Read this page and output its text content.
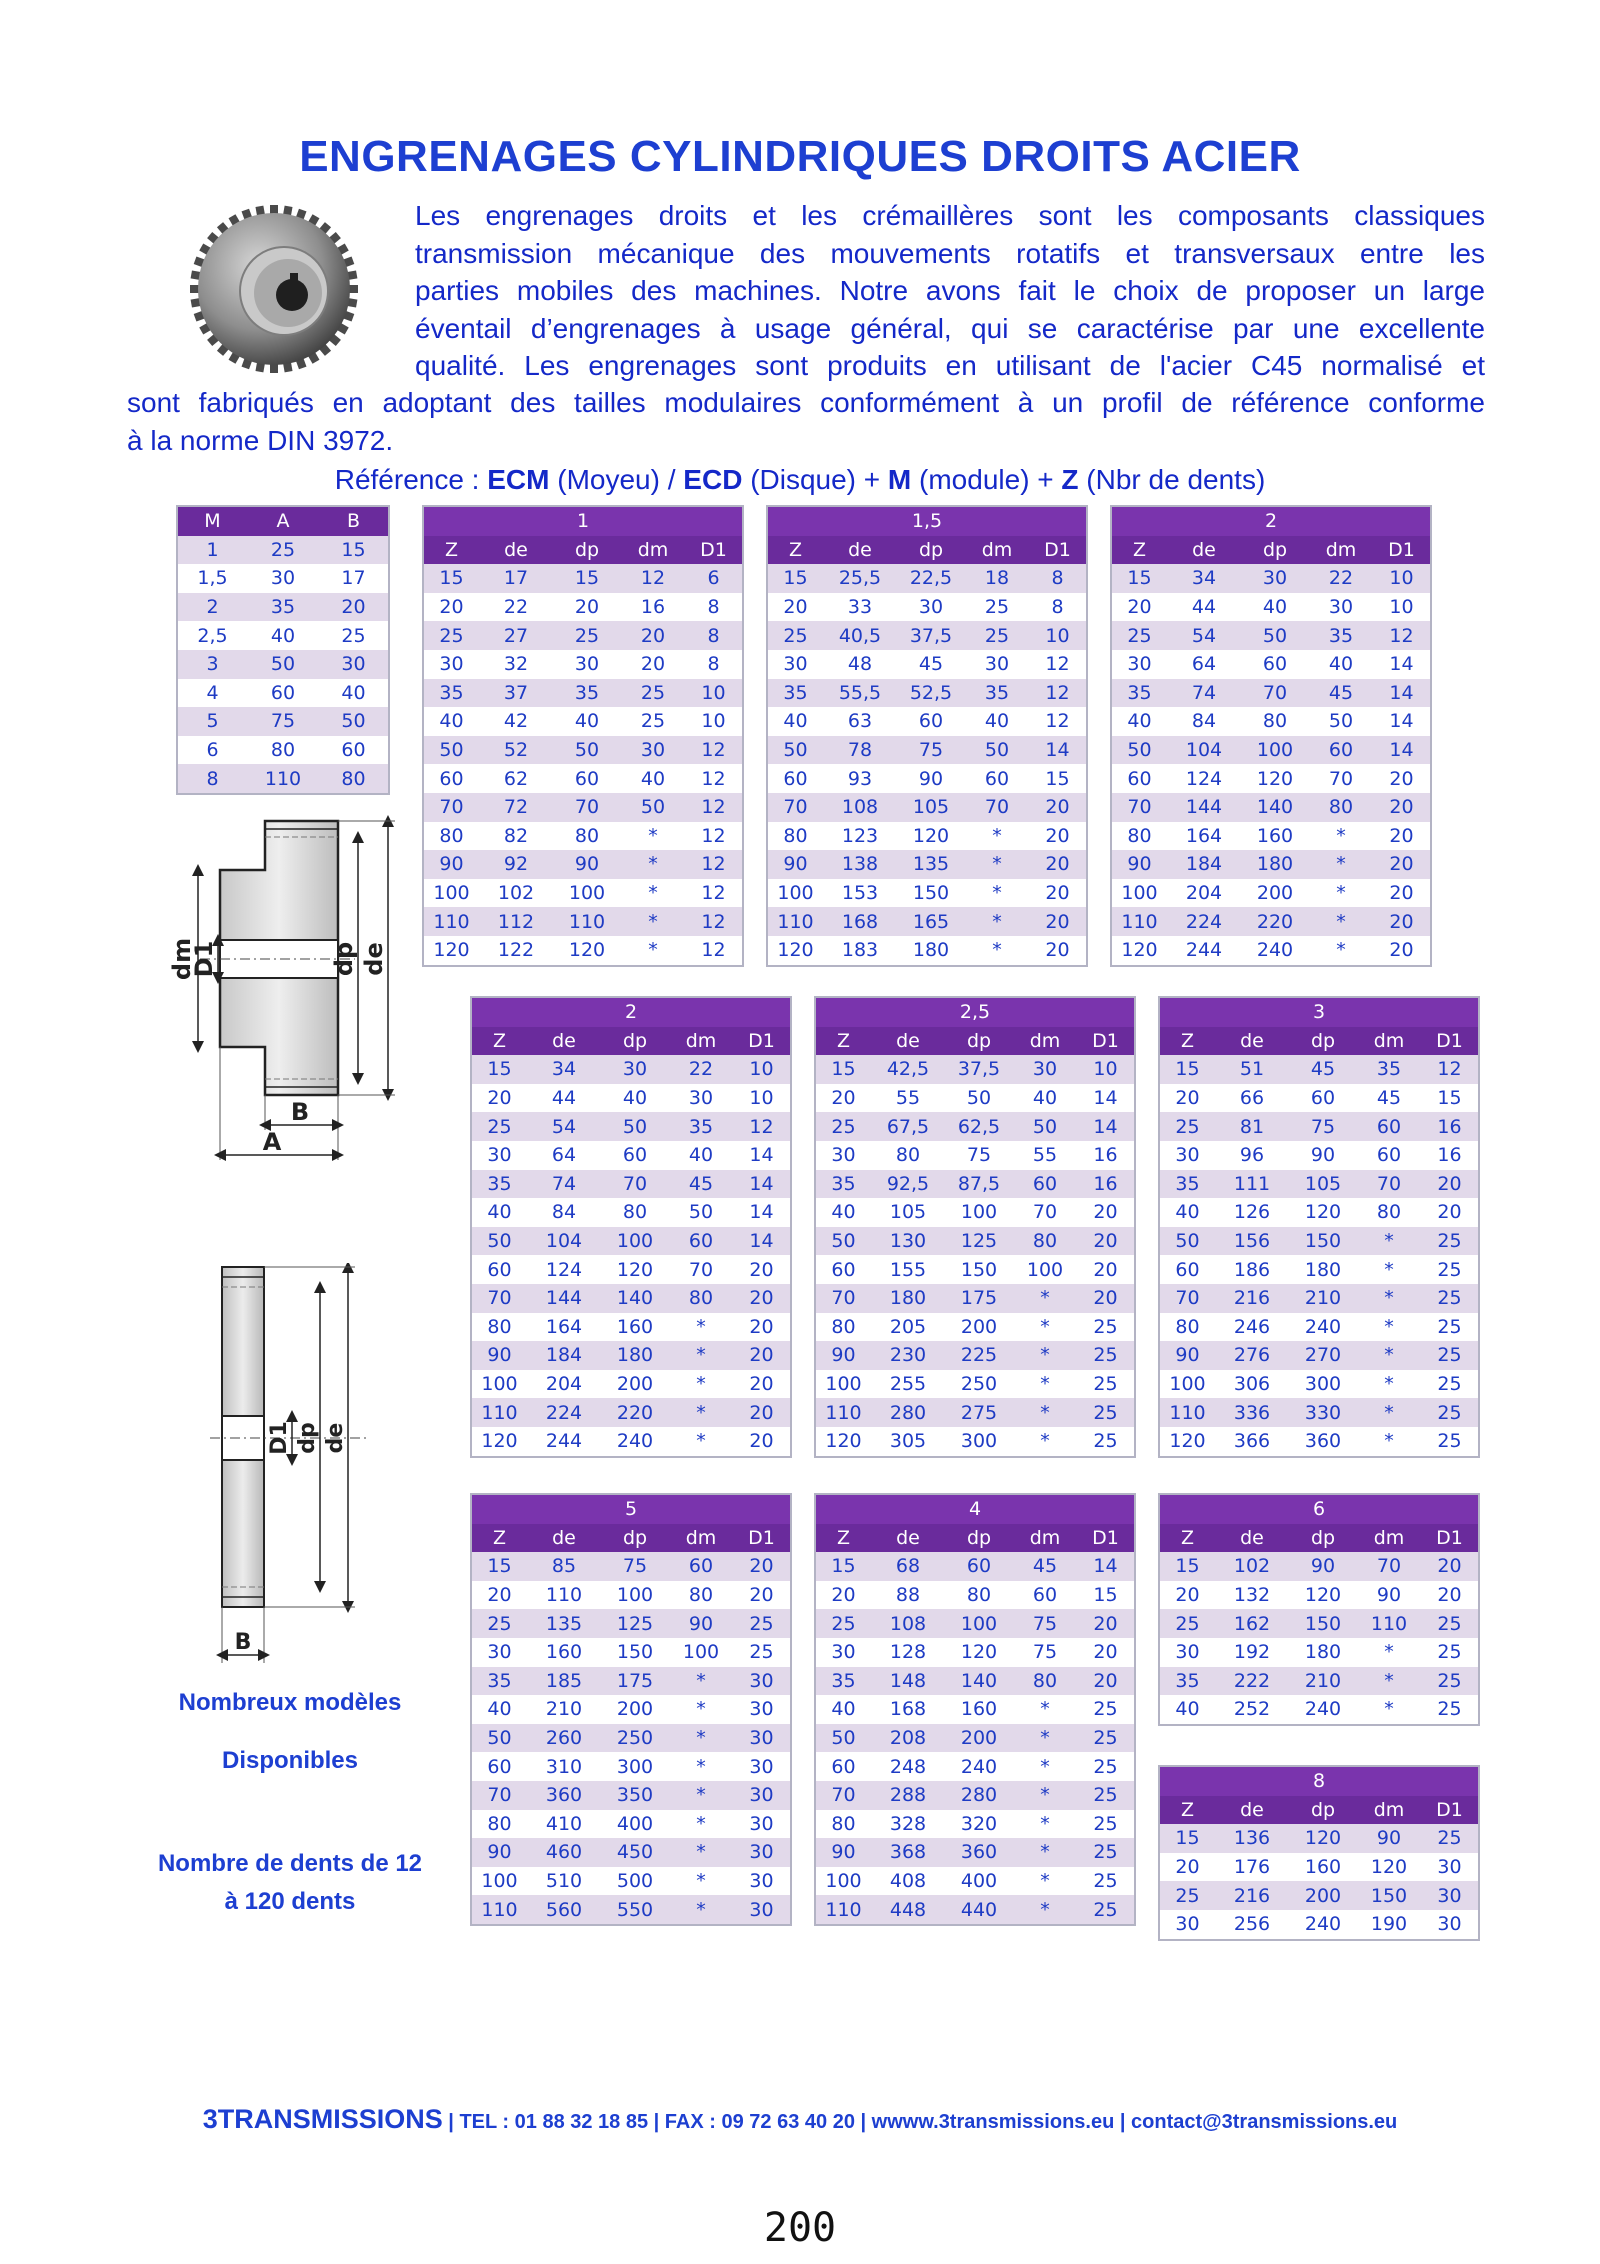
ENGRENAGES CYLINDRIQUES DROITS ACIER
Les engrenages droits et les crémaillères sont les composants classiques
transmission mécanique des mouvements rotatifs et transversaux entre les
parties mobiles des machines. Notre avons fait le choix de proposer un large
éventail d’engrenages à usage général, qui se caractérise par une excellente
qualité. Les engrenages sont produits en utilisant de l'acier C45 normalisé et
sont fabriqués en adoptant des tailles modulaires conformément à un profil de référence conforme
à la norme DIN 3972.
Référence : ECM (Moyeu) / ECD (Disque) + M (module) + Z (Nbr de dents)
M	A	B
1	25	15
1,5	30	17
2	35	20
2,5	40	25
3	50	30
4	60	40
5	75	50
6	80	60
8	110	80
1				
Z	de	dp	dm	D1
15	17	15	12	6
20	22	20	16	8
25	27	25	20	8
30	32	30	20	8
35	37	35	25	10
40	42	40	25	10
50	52	50	30	12
60	62	60	40	12
70	72	70	50	12
80	82	80	*	12
90	92	90	*	12
100	102	100	*	12
110	112	110	*	12
120	122	120	*	12
1,5				
Z	de	dp	dm	D1
15	25,5	22,5	18	8
20	33	30	25	8
25	40,5	37,5	25	10
30	48	45	30	12
35	55,5	52,5	35	12
40	63	60	40	12
50	78	75	50	14
60	93	90	60	15
70	108	105	70	20
80	123	120	*	20
90	138	135	*	20
100	153	150	*	20
110	168	165	*	20
120	183	180	*	20
2				
Z	de	dp	dm	D1
15	34	30	22	10
20	44	40	30	10
25	54	50	35	12
30	64	60	40	14
35	74	70	45	14
40	84	80	50	14
50	104	100	60	14
60	124	120	70	20
70	144	140	80	20
80	164	160	*	20
90	184	180	*	20
100	204	200	*	20
110	224	220	*	20
120	244	240	*	20
2				
Z	de	dp	dm	D1
15	34	30	22	10
20	44	40	30	10
25	54	50	35	12
30	64	60	40	14
35	74	70	45	14
40	84	80	50	14
50	104	100	60	14
60	124	120	70	20
70	144	140	80	20
80	164	160	*	20
90	184	180	*	20
100	204	200	*	20
110	224	220	*	20
120	244	240	*	20
2,5				
Z	de	dp	dm	D1
15	42,5	37,5	30	10
20	55	50	40	14
25	67,5	62,5	50	14
30	80	75	55	16
35	92,5	87,5	60	16
40	105	100	70	20
50	130	125	80	20
60	155	150	100	20
70	180	175	*	20
80	205	200	*	25
90	230	225	*	25
100	255	250	*	25
110	280	275	*	25
120	305	300	*	25
3				
Z	de	dp	dm	D1
15	51	45	35	12
20	66	60	45	15
25	81	75	60	16
30	96	90	60	16
35	111	105	70	20
40	126	120	80	20
50	156	150	*	25
60	186	180	*	25
70	216	210	*	25
80	246	240	*	25
90	276	270	*	25
100	306	300	*	25
110	336	330	*	25
120	366	360	*	25
5				
Z	de	dp	dm	D1
15	85	75	60	20
20	110	100	80	20
25	135	125	90	25
30	160	150	100	25
35	185	175	*	30
40	210	200	*	30
50	260	250	*	30
60	310	300	*	30
70	360	350	*	30
80	410	400	*	30
90	460	450	*	30
100	510	500	*	30
110	560	550	*	30
4				
Z	de	dp	dm	D1
15	68	60	45	14
20	88	80	60	15
25	108	100	75	20
30	128	120	75	20
35	148	140	80	20
40	168	160	*	25
50	208	200	*	25
60	248	240	*	25
70	288	280	*	25
80	328	320	*	25
90	368	360	*	25
100	408	400	*	25
110	448	440	*	25
6				
Z	de	dp	dm	D1
15	102	90	70	20
20	132	120	90	20
25	162	150	110	25
30	192	180	*	25
35	222	210	*	25
40	252	240	*	25
8				
Z	de	dp	dm	D1
15	136	120	90	25
20	176	160	120	30
25	216	200	150	30
30	256	240	190	30
dm
D1	dp de
B
A
D1 dp de
B
Nombreux modèles
Disponibles
Nombre de dents de 12
à 120 dents
3TRANSMISSIONS | TEL : 01 88 32 18 85 | FAX : 09 72 63 40 20 | wwww.3transmissions.eu | contact@3transmissions.eu
200
